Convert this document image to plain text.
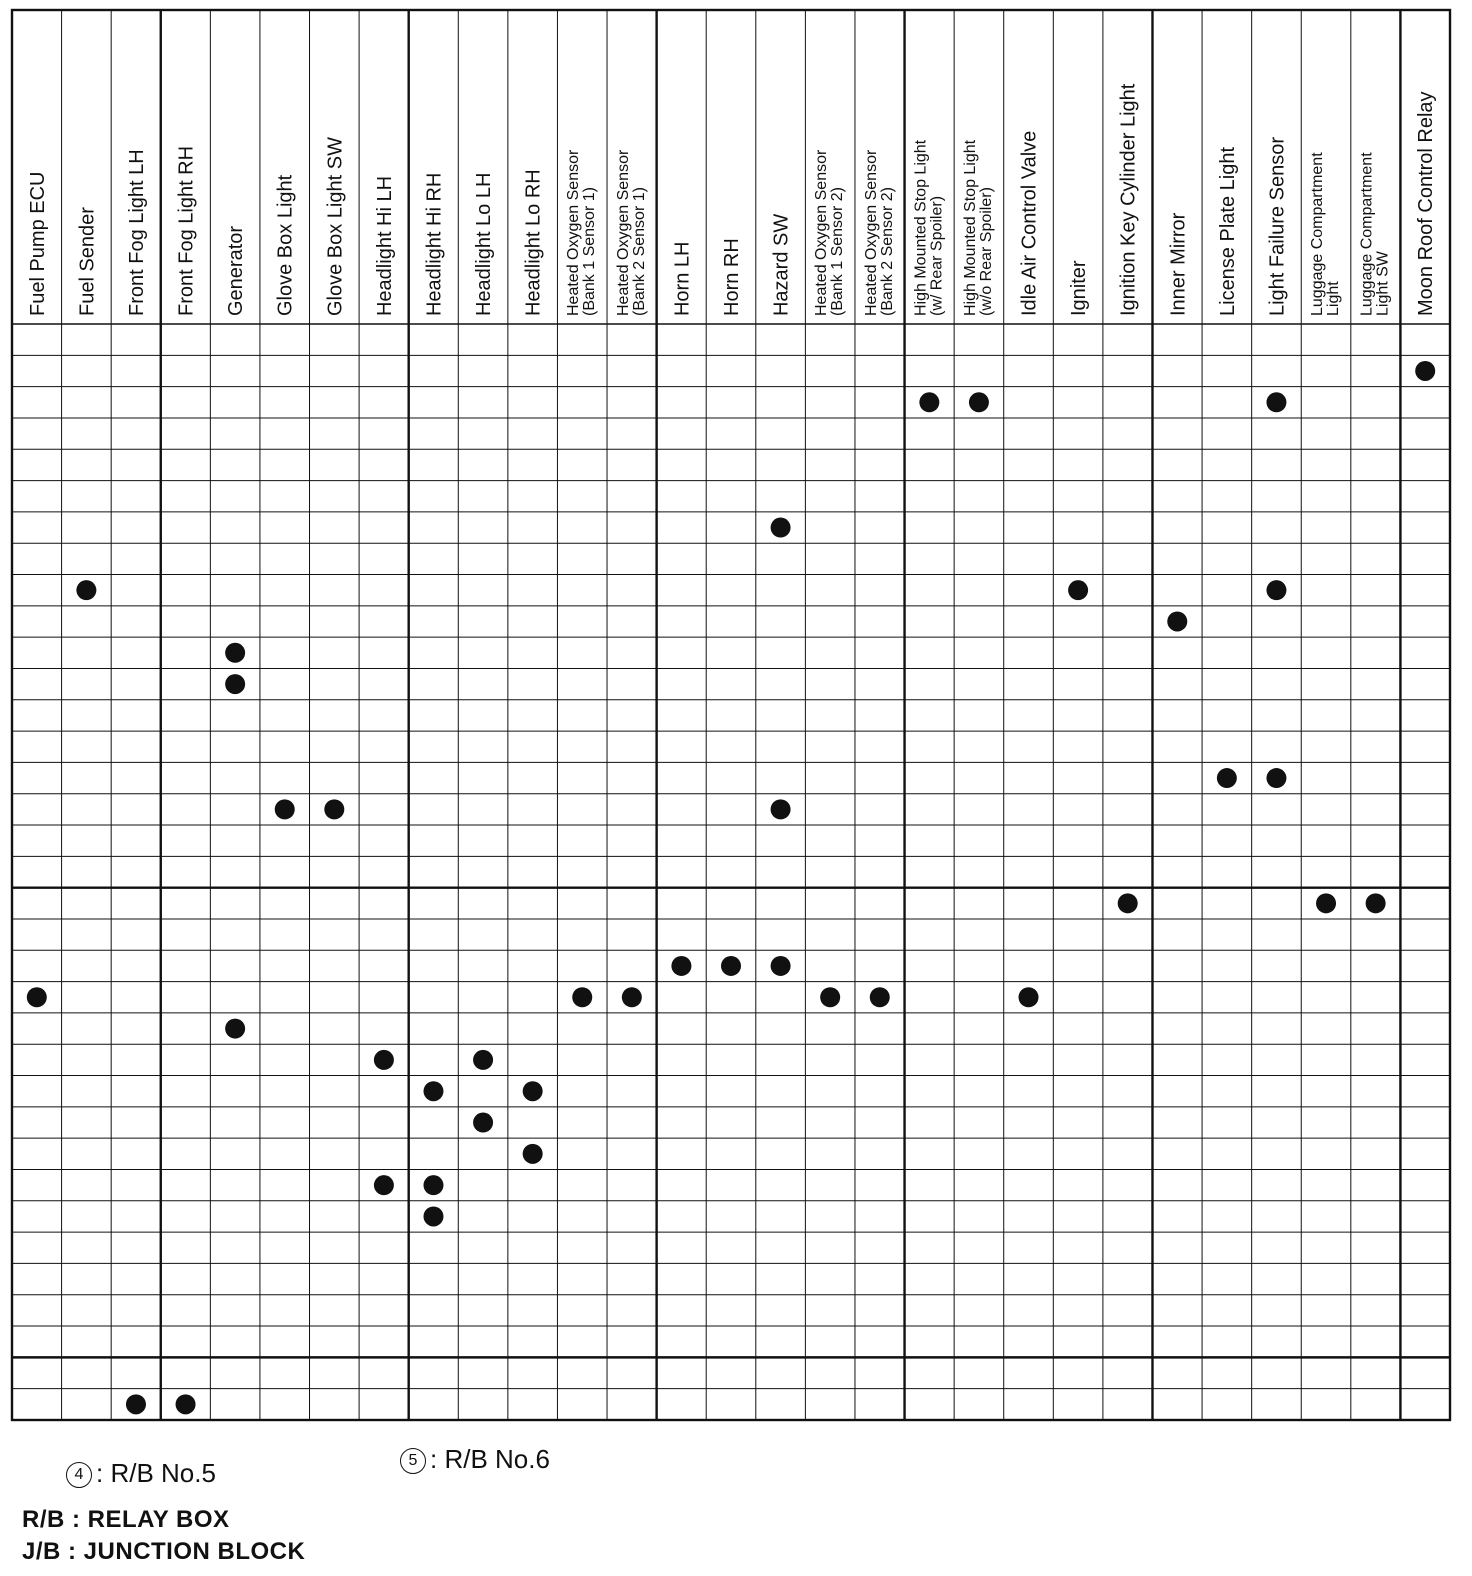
Fuel Pump ECU Fuel Sender Front Fog Light LH Front Fog Light RH Generator Glove Box Light Glove Box Light SW Headlight Hi LH Headlight Hi RH Headlight Lo LH Headlight Lo RH Heated Oxygen Sensor (Bank 1 Sensor 1) Heated Oxygen Sensor (Bank 2 Sensor 1) Horn LH Horn RH Hazard SW Heated Oxygen Sensor (Bank 1 Sensor 2) Heated Oxygen Sensor (Bank 2 Sensor 2) High Mounted Stop Light (w/ Rear Spoiler) High Mounted Stop Light (w/o Rear Spoiler) Idle Air Control Valve Igniter Ignition Key Cylinder Light Inner Mirror License Plate Light Light Failure Sensor Luggage Compartment Light Luggage Compartment Light SW Moon Roof Control Relay
4 : R/B No.5	5 : R/B No.6
R/B : RELAY BOX
J/B : JUNCTION BLOCK
